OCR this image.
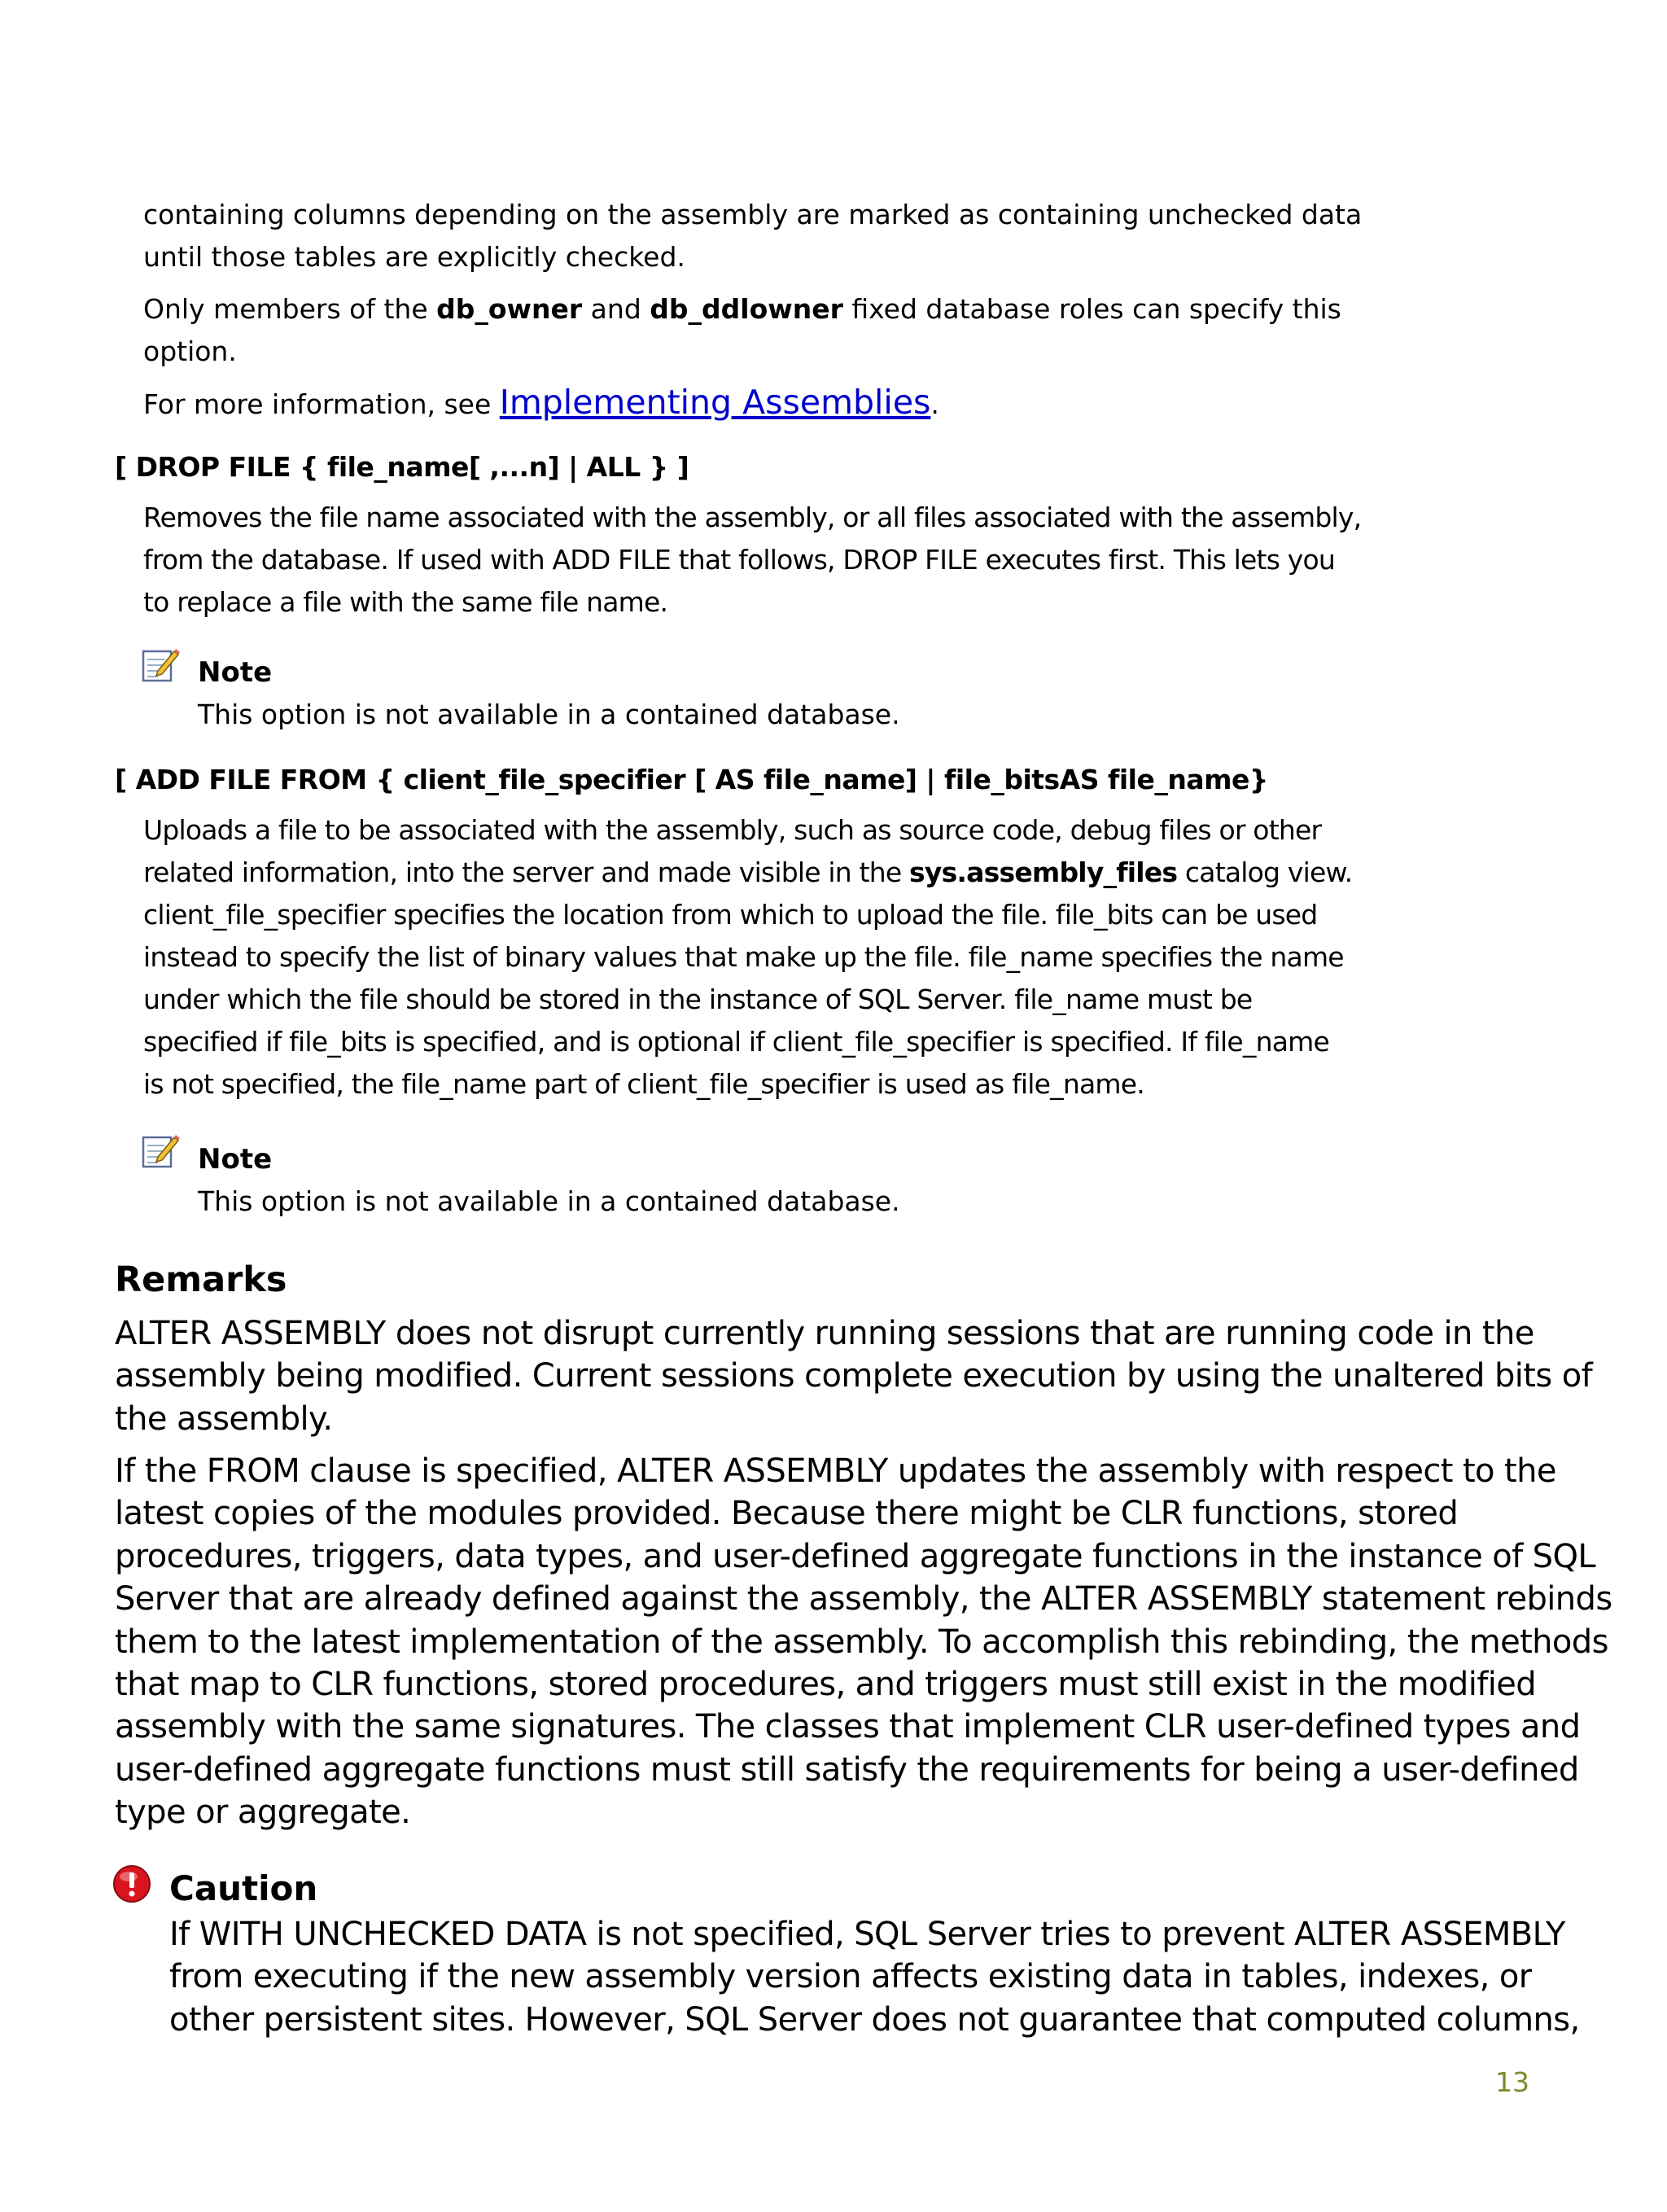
containing columns depending on the assembly are marked as containing unchecked data
until those tables are explicitly checked.
Only members of the db_owner and db_ddlowner fixed database roles can specify this
option.
For more information, see Implementing Assemblies.
[ DROP FILE { file_name[ ,...n] | ALL } ]
Removes the file name associated with the assembly, or all files associated with the assembly,
from the database. If used with ADD FILE that follows, DROP FILE executes first. This lets you
to replace a file with the same file name.
Note
This option is not available in a contained database.
[ ADD FILE FROM { client_file_specifier [ AS file_name] | file_bitsAS file_name}
Uploads a file to be associated with the assembly, such as source code, debug files or other
related information, into the server and made visible in the sys.assembly_files catalog view.
client_file_specifier specifies the location from which to upload the file. file_bits can be used
instead to specify the list of binary values that make up the file. file_name specifies the name
under which the file should be stored in the instance of SQL Server. file_name must be
specified if file_bits is specified, and is optional if client_file_specifier is specified. If file_name
is not specified, the file_name part of client_file_specifier is used as file_name.
Note
This option is not available in a contained database.
Remarks
ALTER ASSEMBLY does not disrupt currently running sessions that are running code in the
assembly being modified. Current sessions complete execution by using the unaltered bits of
the assembly.
If the FROM clause is specified, ALTER ASSEMBLY updates the assembly with respect to the
latest copies of the modules provided. Because there might be CLR functions, stored
procedures, triggers, data types, and user-defined aggregate functions in the instance of SQL
Server that are already defined against the assembly, the ALTER ASSEMBLY statement rebinds
them to the latest implementation of the assembly. To accomplish this rebinding, the methods
that map to CLR functions, stored procedures, and triggers must still exist in the modified
assembly with the same signatures. The classes that implement CLR user-defined types and
user-defined aggregate functions must still satisfy the requirements for being a user-defined
type or aggregate.
Caution
If WITH UNCHECKED DATA is not specified, SQL Server tries to prevent ALTER ASSEMBLY
from executing if the new assembly version affects existing data in tables, indexes, or
other persistent sites. However, SQL Server does not guarantee that computed columns,
13
